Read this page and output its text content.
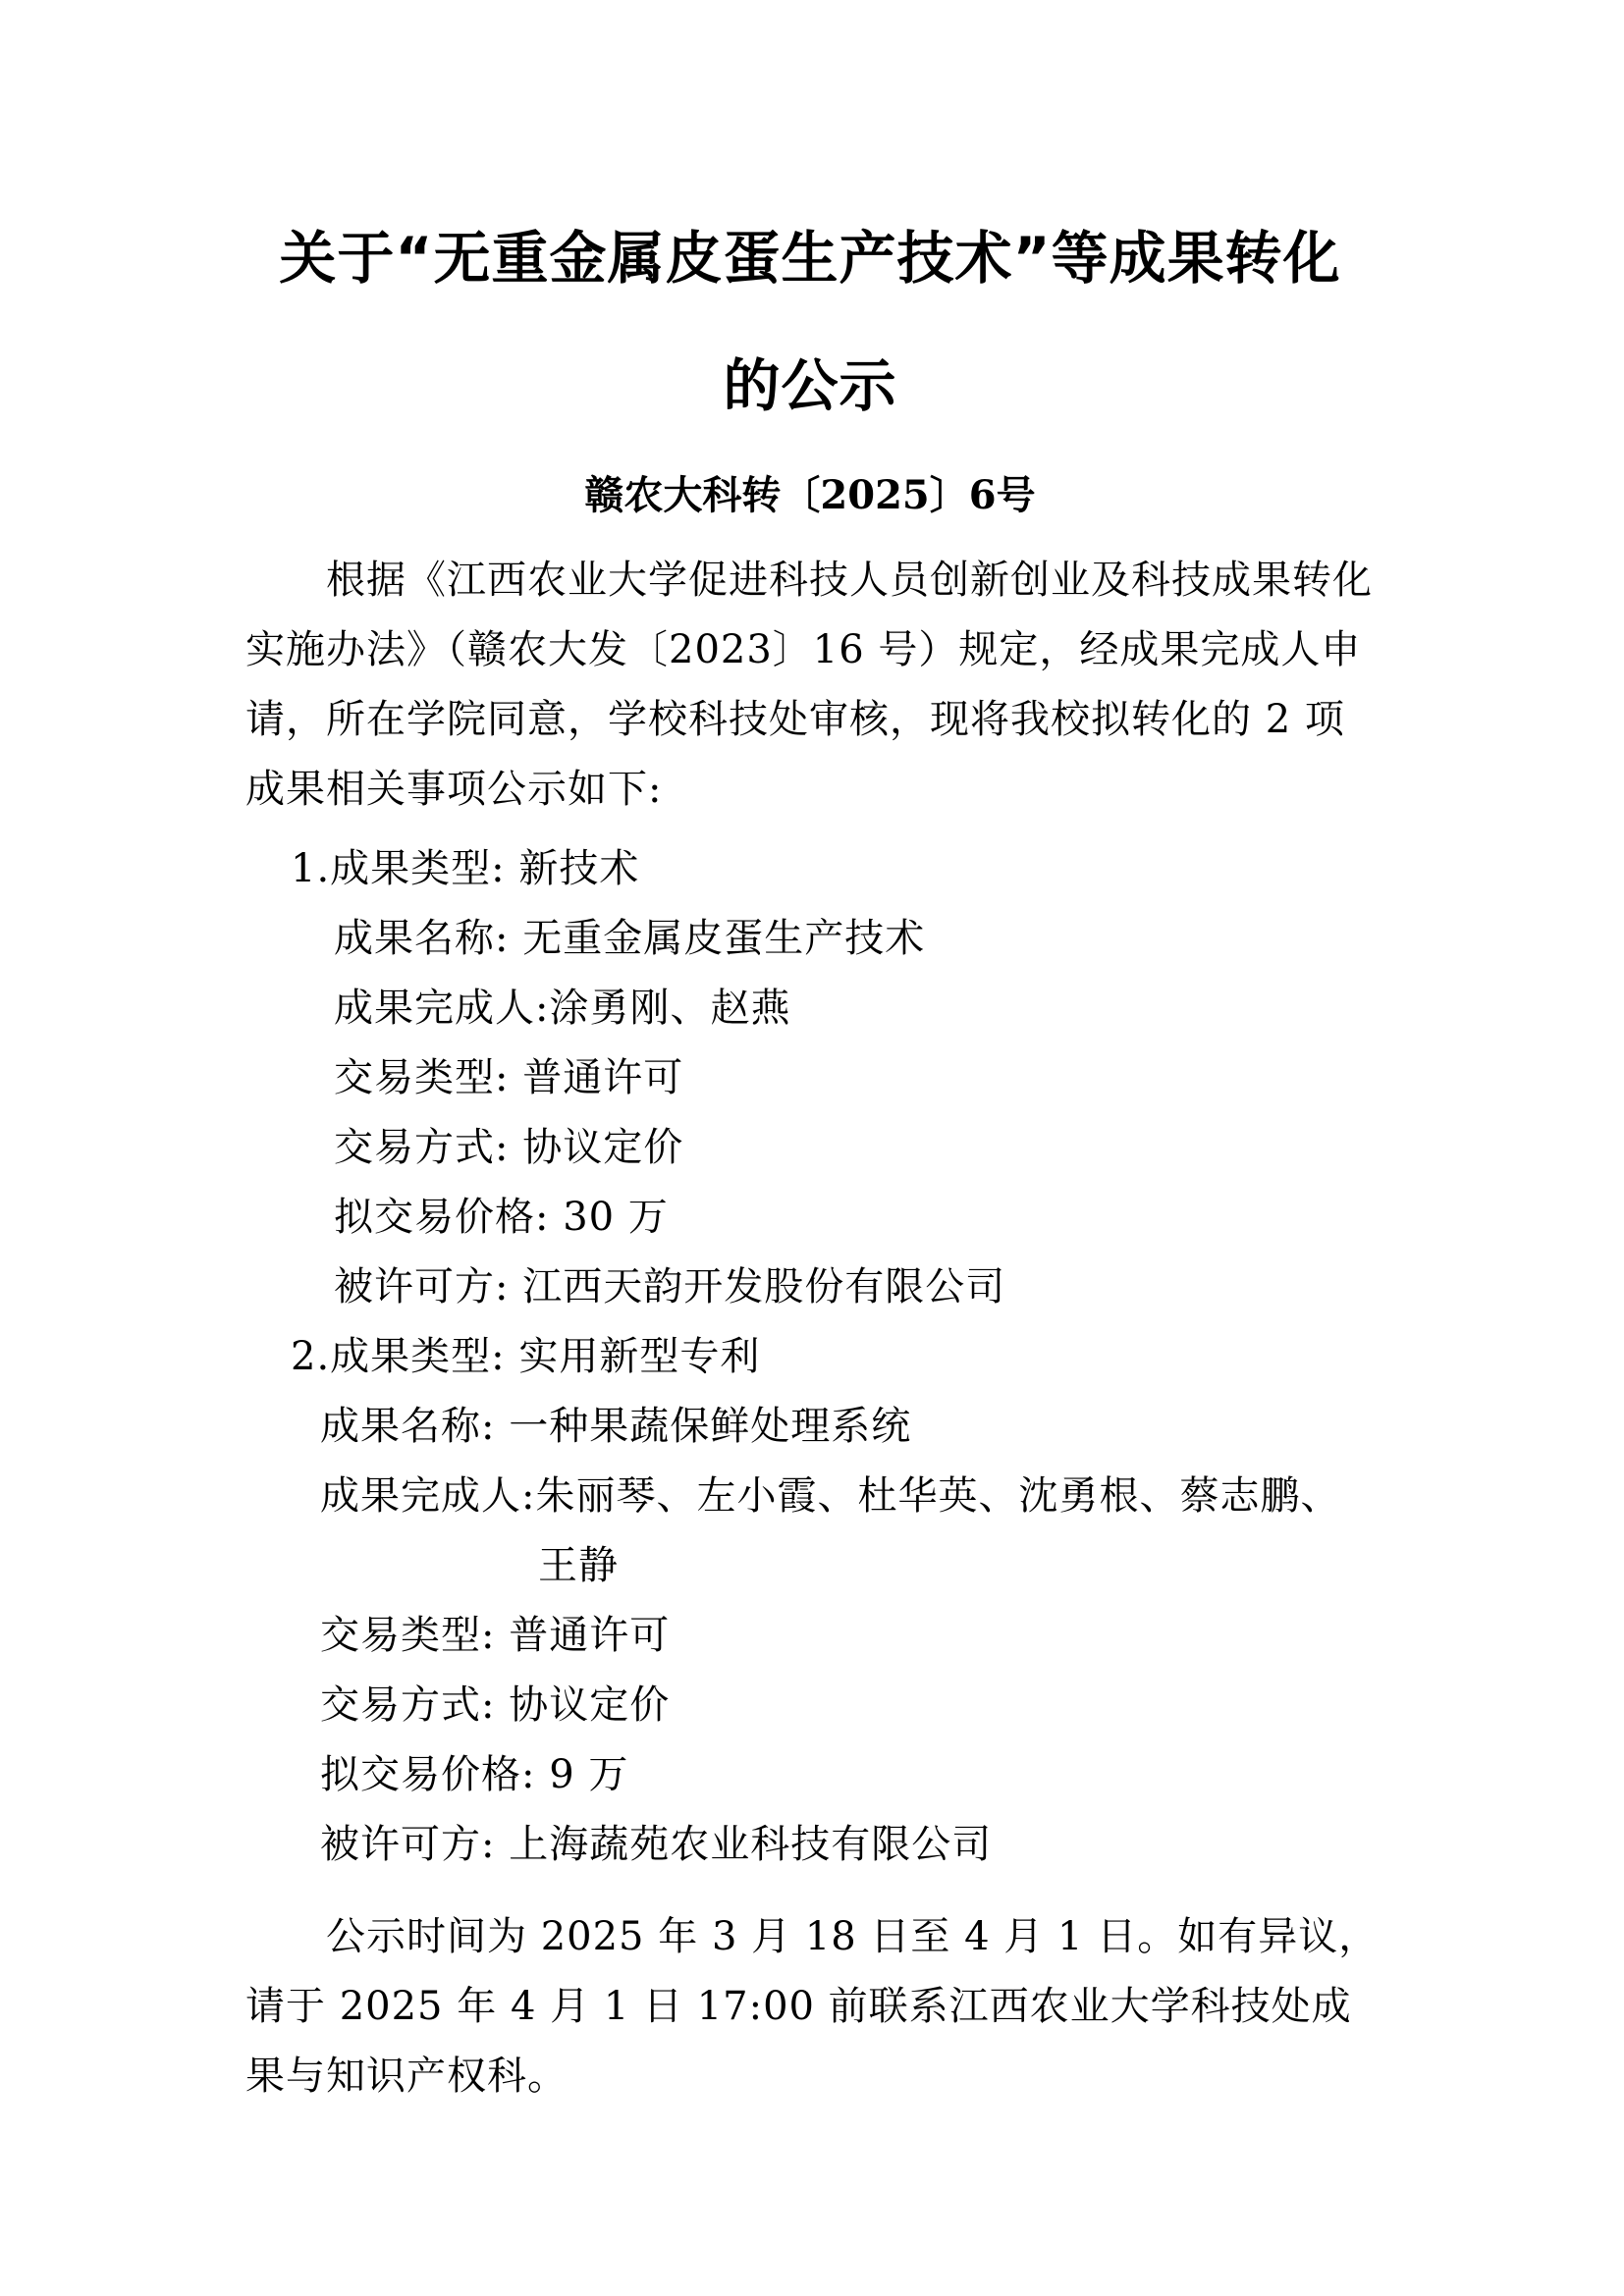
关于“无重金属皮蛋生产技术”等成果转化
的公示
赣农大科转〔2025〕6号
根据《江西农业大学促进科技人员创新创业及科技成果转化实施办法》（赣农大发〔2023〕16 号）规定，经成果完成人申请，所在学院同意，学校科技处审核，现将我校拟转化的 2 项成果相关事项公示如下:
1.成果类型: 新技术
成果名称: 无重金属皮蛋生产技术
成果完成人:涂勇刚、赵燕
交易类型: 普通许可
交易方式: 协议定价
拟交易价格: 30 万
被许可方: 江西天韵开发股份有限公司
2.成果类型: 实用新型专利
成果名称: 一种果蔬保鲜处理系统
成果完成人:朱丽琴、左小霞、杜华英、沈勇根、蔡志鹏、
王静
交易类型: 普通许可
交易方式: 协议定价
拟交易价格: 9 万
被许可方: 上海蔬苑农业科技有限公司
公示时间为 2025 年 3 月 18 日至 4 月 1 日。如有异议，请于 2025 年 4 月 1 日 17:00 前联系江西农业大学科技处成果与知识产权科。
